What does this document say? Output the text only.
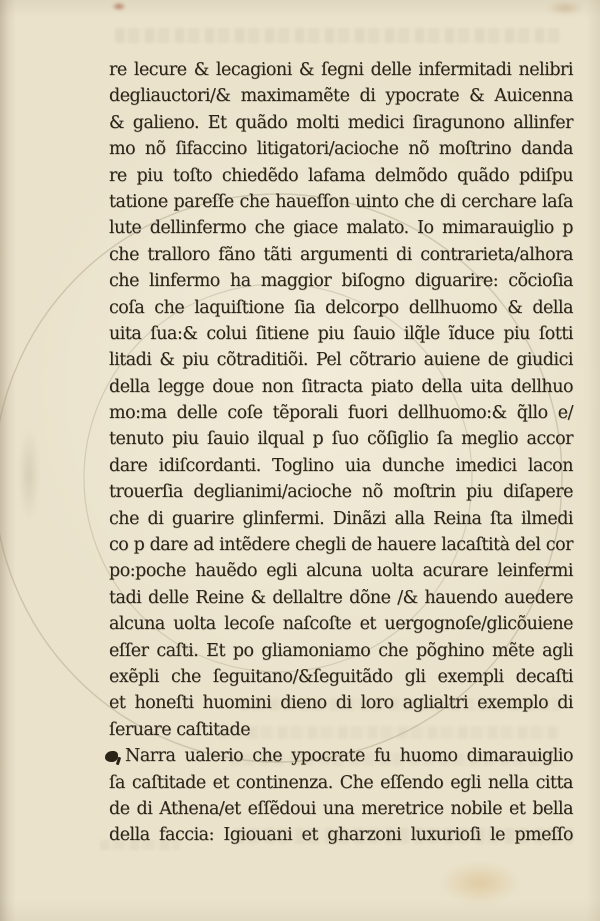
re lecure & lecagioni & ſegni delle infermitadi nelibri
degliauctori/& maximamẽte di ypocrate & Auicenna
& galieno. Et quãdo molti medici ſiragunono allinfer
mo nõ ſifaccino litigatori/acioche nõ moſtrino danda
re piu toſto chiedẽdo lafama delmõdo quãdo pdiſpu
tatione pareſſe che haueſſon uinto che di cerchare laſa
lute dellinfermo che giace malato. Io mimarauiglio p
che tralloro fãno tãti argumenti di contrarieta/alhora
che linfermo ha maggior biſogno diguarire: cõcioſia
coſa che laquiſtione ſia delcorpo dellhuomo & della
uita ſua:& colui ſitiene piu ſauio ilq̃le ĩduce piu ſotti
litadi & piu cõtraditiõi. Pel cõtrario auiene de giudici
della legge doue non ſitracta piato della uita dellhuo
mo:ma delle coſe tẽporali fuori dellhuomo:& q̃llo e/
tenuto piu ſauio ilqual p ſuo cõſiglio ſa meglio accor
dare idiſcordanti. Toglino uia dunche imedici lacon
trouerſia deglianimi/acioche nõ moſtrin piu diſapere
che di guarire glinfermi. Dinãzi alla Reina ſta ilmedi
co p dare ad intẽdere chegli de hauere lacaſtità del cor
po:poche hauẽdo egli alcuna uolta acurare leinfermi
tadi delle Reine & dellaltre dõne /& hauendo auedere
alcuna uolta lecoſe naſcoſte et uergognoſe/glicõuiene
eſſer caſti. Et po gliamoniamo che põghino mẽte agli
exẽpli che ſeguitano/&ſeguitãdo gli exempli decaſti
et honeſti huomini dieno di loro aglialtri exemplo di
ſeruare caſtitade
Narra ualerio che ypocrate fu huomo dimarauiglio
ſa caſtitade et continenza. Che eſſendo egli nella citta
de di Athena/et eſſẽdoui una meretrice nobile et bella
della faccia: Igiouani et gharzoni luxurioſi le pmeſſo
